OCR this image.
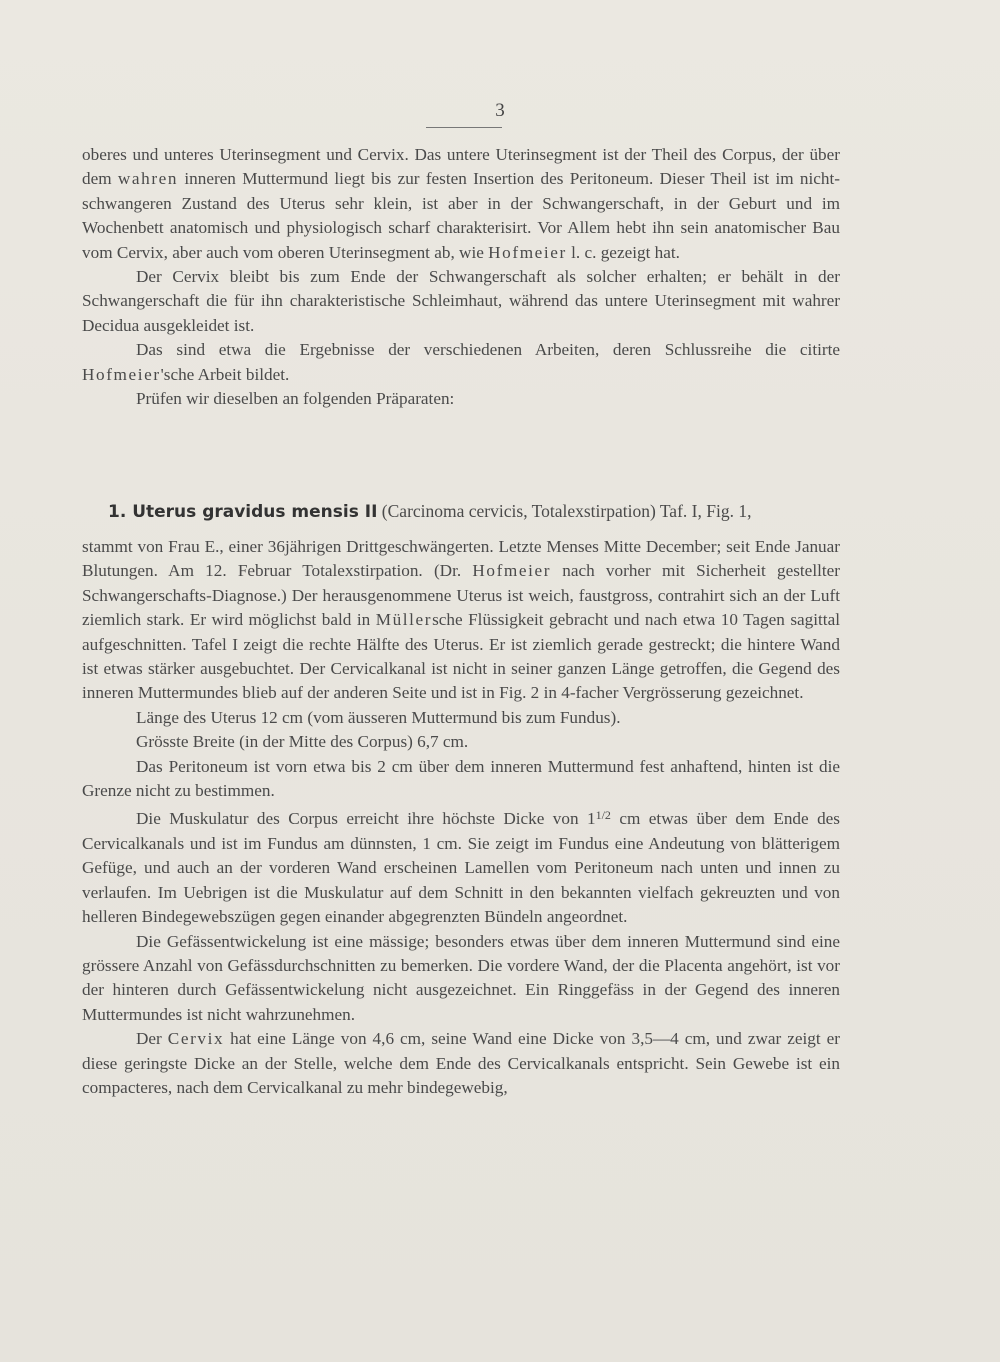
3

oberes und unteres Uterinsegment und Cervix. Das untere Uterinsegment ist der Theil des Corpus, der über dem wahren inneren Muttermund liegt bis zur festen Insertion des Peritoneum. Dieser Theil ist im nicht-schwangeren Zustand des Uterus sehr klein, ist aber in der Schwangerschaft, in der Geburt und im Wochenbett anatomisch und physiologisch scharf charakterisirt. Vor Allem hebt ihn sein anatomischer Bau vom Cervix, aber auch vom oberen Uterinsegment ab, wie Hofmeier l. c. gezeigt hat.

Der Cervix bleibt bis zum Ende der Schwangerschaft als solcher erhalten; er behält in der Schwangerschaft die für ihn charakteristische Schleimhaut, während das untere Uterinsegment mit wahrer Decidua ausgekleidet ist.

Das sind etwa die Ergebnisse der verschiedenen Arbeiten, deren Schlussreihe die citirte Hofmeier'sche Arbeit bildet.

Prüfen wir dieselben an folgenden Präparaten:

1. Uterus gravidus mensis II (Carcinoma cervicis, Totalexstirpation) Taf. I, Fig. 1,

stammt von Frau E., einer 36jährigen Drittgeschwängerten. Letzte Menses Mitte December; seit Ende Januar Blutungen. Am 12. Februar Totalexstirpation. (Dr. Hofmeier nach vorher mit Sicherheit gestellter Schwangerschafts-Diagnose.) Der herausgenommene Uterus ist weich, faustgross, contrahirt sich an der Luft ziemlich stark. Er wird möglichst bald in Müllersche Flüssigkeit gebracht und nach etwa 10 Tagen sagittal aufgeschnitten. Tafel I zeigt die rechte Hälfte des Uterus. Er ist ziemlich gerade gestreckt; die hintere Wand ist etwas stärker ausgebuchtet. Der Cervicalkanal ist nicht in seiner ganzen Länge getroffen, die Gegend des inneren Muttermundes blieb auf der anderen Seite und ist in Fig. 2 in 4-facher Vergrösserung gezeichnet.

Länge des Uterus 12 cm (vom äusseren Muttermund bis zum Fundus).

Grösste Breite (in der Mitte des Corpus) 6,7 cm.

Das Peritoneum ist vorn etwa bis 2 cm über dem inneren Muttermund fest anhaftend, hinten ist die Grenze nicht zu bestimmen.

Die Muskulatur des Corpus erreicht ihre höchste Dicke von $1^{1/2}$ cm etwas über dem Ende des Cervicalkanals und ist im Fundus am dünnsten, 1 cm. Sie zeigt im Fundus eine Andeutung von blätterigem Gefüge, und auch an der vorderen Wand erscheinen Lamellen vom Peritoneum nach unten und innen zu verlaufen. Im Uebrigen ist die Muskulatur auf dem Schnitt in den bekannten vielfach gekreuzten und von helleren Bindegewebszügen gegen einander abgegrenzten Bündeln angeordnet.

Die Gefässentwickelung ist eine mässige; besonders etwas über dem inneren Muttermund sind eine grössere Anzahl von Gefässdurchschnitten zu bemerken. Die vordere Wand, der die Placenta angehört, ist vor der hinteren durch Gefässentwickelung nicht ausgezeichnet. Ein Ringgefäss in der Gegend des inneren Muttermundes ist nicht wahrzunehmen.

Der Cervix hat eine Länge von 4,6 cm, seine Wand eine Dicke von 3,5—4 cm, und zwar zeigt er diese geringste Dicke an der Stelle, welche dem Ende des Cervicalkanals entspricht. Sein Gewebe ist ein compacteres, nach dem Cervicalkanal zu mehr bindegewebig,
